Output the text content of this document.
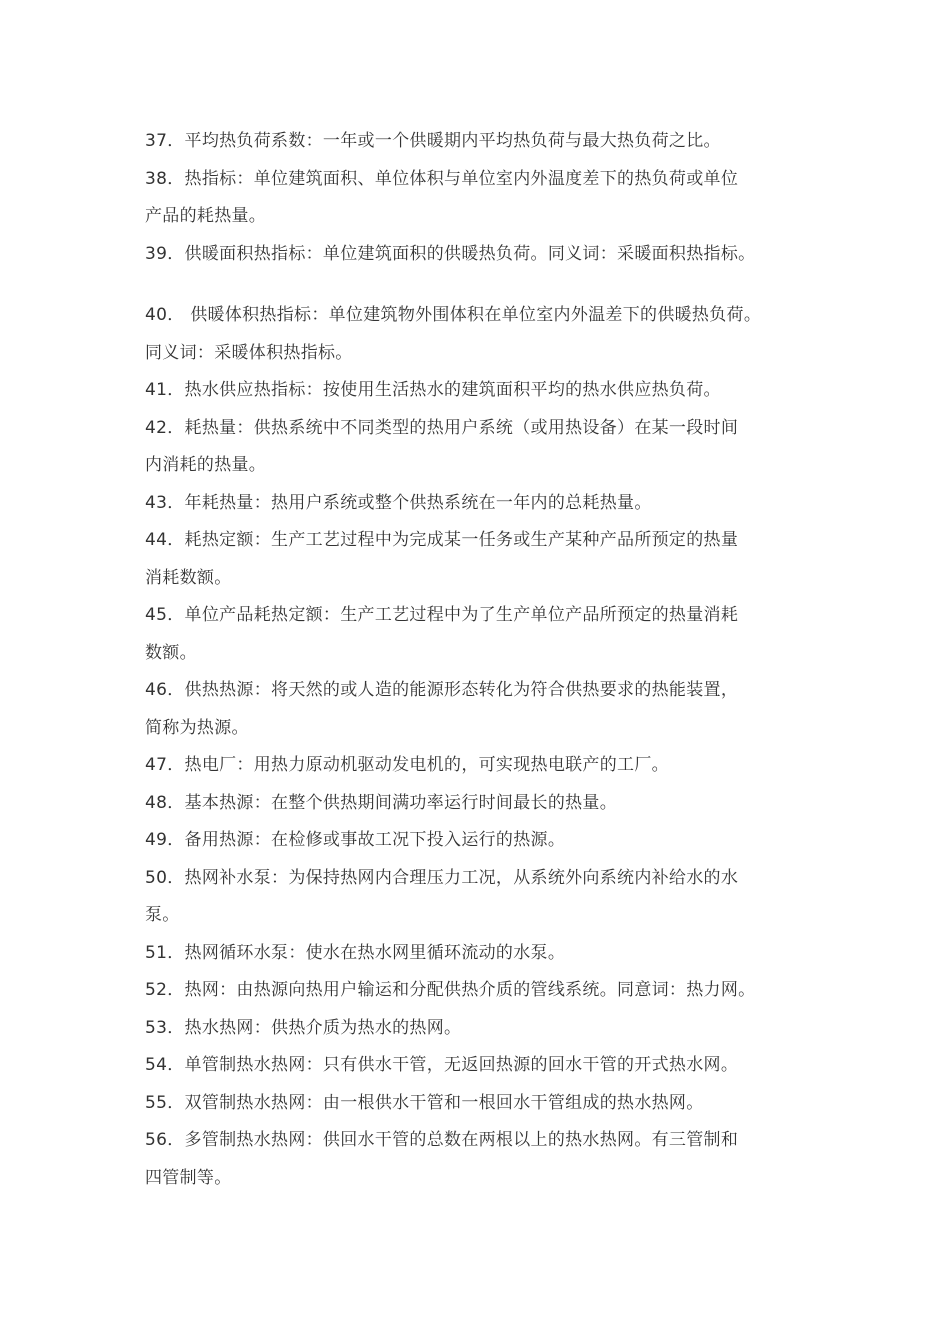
37．平均热负荷系数：一年或一个供暖期内平均热负荷与最大热负荷之比。
38．热指标：单位建筑面积、单位体积与单位室内外温度差下的热负荷或单位
产品的耗热量。
39．供暖面积热指标：单位建筑面积的供暖热负荷。同义词：采暖面积热指标。
40． 供暖体积热指标：单位建筑物外围体积在单位室内外温差下的供暖热负荷。
同义词：采暖体积热指标。
41．热水供应热指标：按使用生活热水的建筑面积平均的热水供应热负荷。
42．耗热量：供热系统中不同类型的热用户系统（或用热设备）在某一段时间
内消耗的热量。
43．年耗热量：热用户系统或整个供热系统在一年内的总耗热量。
44．耗热定额：生产工艺过程中为完成某一任务或生产某种产品所预定的热量
消耗数额。
45．单位产品耗热定额：生产工艺过程中为了生产单位产品所预定的热量消耗
数额。
46．供热热源：将天然的或人造的能源形态转化为符合供热要求的热能装置，
简称为热源。
47．热电厂：用热力原动机驱动发电机的，可实现热电联产的工厂。
48．基本热源：在整个供热期间满功率运行时间最长的热量。
49．备用热源：在检修或事故工况下投入运行的热源。
50．热网补水泵：为保持热网内合理压力工况，从系统外向系统内补给水的水
泵。
51．热网循环水泵：使水在热水网里循环流动的水泵。
52．热网：由热源向热用户输运和分配供热介质的管线系统。同意词：热力网。
53．热水热网：供热介质为热水的热网。
54．单管制热水热网：只有供水干管，无返回热源的回水干管的开式热水网。
55．双管制热水热网：由一根供水干管和一根回水干管组成的热水热网。
56．多管制热水热网：供回水干管的总数在两根以上的热水热网。有三管制和
四管制等。
